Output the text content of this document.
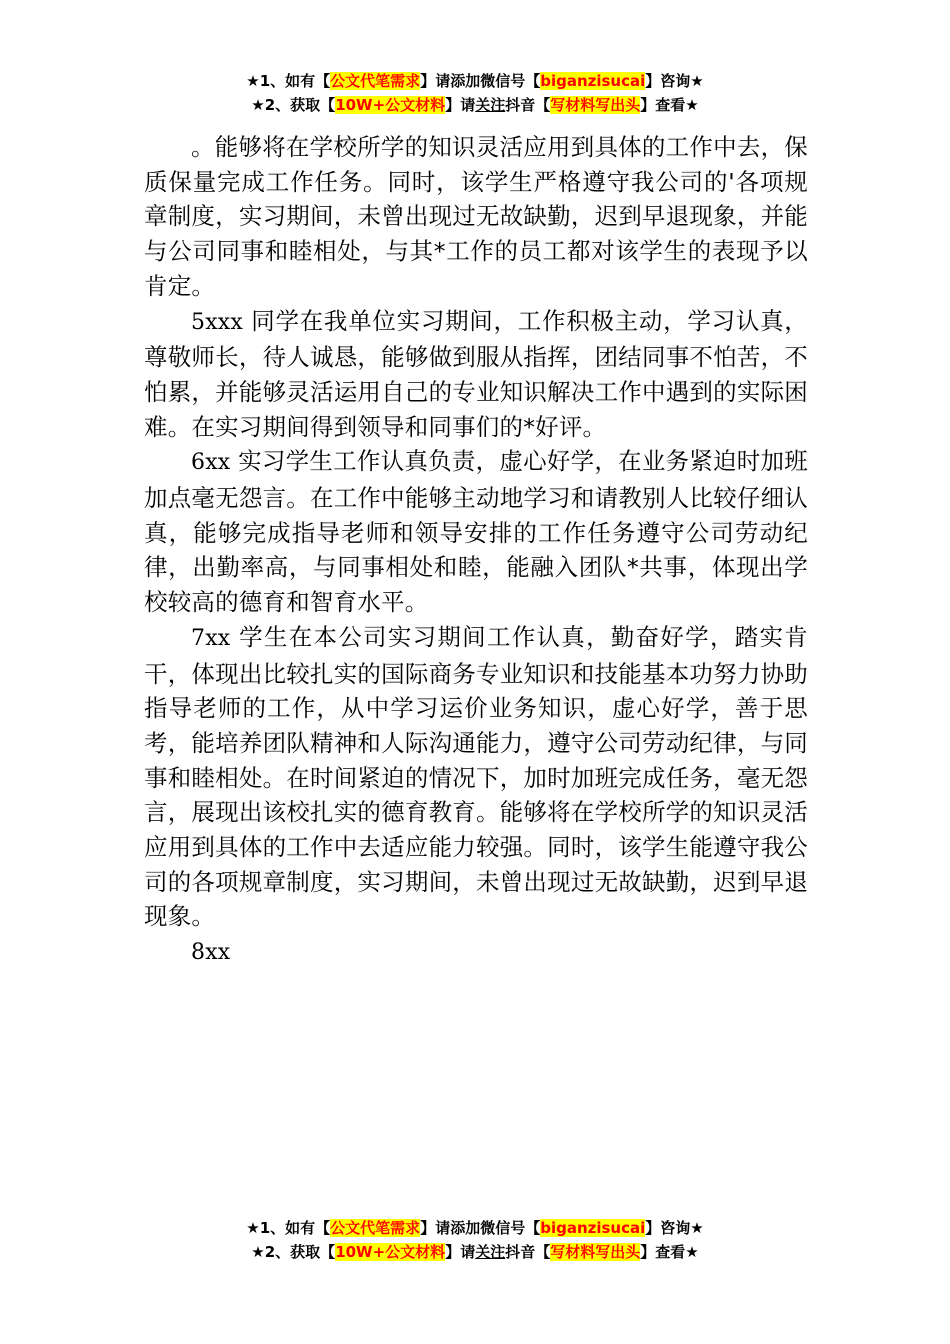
★1、如有【公文代笔需求】请添加微信号【biganzisucai】咨询★
★2、获取【10W+公文材料】请关注抖音【写材料写出头】查看★

。能够将在学校所学的知识灵活应用到具体的工作中去，保质保量完成工作任务。同时，该学生严格遵守我公司的'各项规章制度，实习期间，未曾出现过无故缺勤，迟到早退现象，并能与公司同事和睦相处，与其*工作的员工都对该学生的表现予以肯定。

5xxx 同学在我单位实习期间，工作积极主动，学习认真，尊敬师长，待人诚恳，能够做到服从指挥，团结同事不怕苦，不怕累，并能够灵活运用自己的专业知识解决工作中遇到的实际困难。在实习期间得到领导和同事们的*好评。

6xx 实习学生工作认真负责，虚心好学，在业务紧迫时加班加点毫无怨言。在工作中能够主动地学习和请教别人比较仔细认真，能够完成指导老师和领导安排的工作任务遵守公司劳动纪律，出勤率高，与同事相处和睦，能融入团队*共事，体现出学校较高的德育和智育水平。

7xx 学生在本公司实习期间工作认真，勤奋好学，踏实肯干，体现出比较扎实的国际商务专业知识和技能基本功努力协助指导老师的工作，从中学习运价业务知识，虚心好学，善于思考，能培养团队精神和人际沟通能力，遵守公司劳动纪律，与同事和睦相处。在时间紧迫的情况下，加时加班完成任务，毫无怨言，展现出该校扎实的德育教育。能够将在学校所学的知识灵活应用到具体的工作中去适应能力较强。同时，该学生能遵守我公司的各项规章制度，实习期间，未曾出现过无故缺勤，迟到早退现象。

8xx

★1、如有【公文代笔需求】请添加微信号【biganzisucai】咨询★
★2、获取【10W+公文材料】请关注抖音【写材料写出头】查看★
